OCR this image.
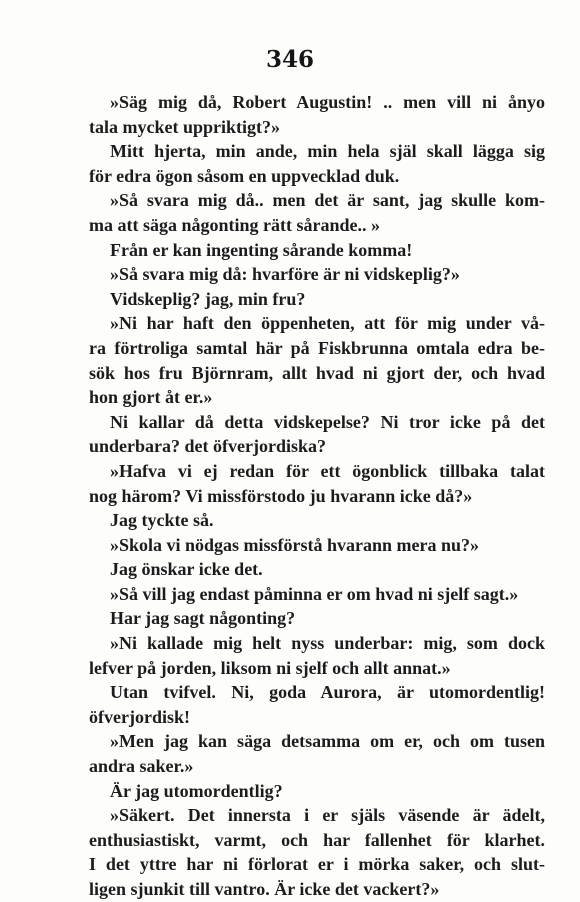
346
»Säg mig då, Robert Augustin! .. men vill ni ånyo
tala mycket uppriktigt?»
Mitt hjerta, min ande, min hela själ skall lägga sig
för edra ögon såsom en uppvecklad duk.
»Så svara mig då.. men det är sant, jag skulle kom-
ma att säga någonting rätt sårande.. »
Från er kan ingenting sårande komma!
»Så svara mig då: hvarföre är ni vidskeplig?»
Vidskeplig? jag, min fru?
»Ni har haft den öppenheten, att för mig under vå-
ra förtroliga samtal här på Fiskbrunna omtala edra be-
sök hos fru Björnram, allt hvad ni gjort der, och hvad
hon gjort åt er.»
Ni kallar då detta vidskepelse? Ni tror icke på det
underbara? det öfverjordiska?
»Hafva vi ej redan för ett ögonblick tillbaka talat
nog härom? Vi missförstodo ju hvarann icke då?»
Jag tyckte så.
»Skola vi nödgas missförstå hvarann mera nu?»
Jag önskar icke det.
»Så vill jag endast påminna er om hvad ni sjelf sagt.»
Har jag sagt någonting?
»Ni kallade mig helt nyss underbar: mig, som dock
lefver på jorden, liksom ni sjelf och allt annat.»
Utan tvifvel. Ni, goda Aurora, är utomordentlig!
öfverjordisk!
»Men jag kan säga detsamma om er, och om tusen
andra saker.»
Är jag utomordentlig?
»Säkert. Det innersta i er själs väsende är ädelt,
enthusiastiskt, varmt, och har fallenhet för klarhet.
I det yttre har ni förlorat er i mörka saker, och slut-
ligen sjunkit till vantro. Är icke det vackert?»
